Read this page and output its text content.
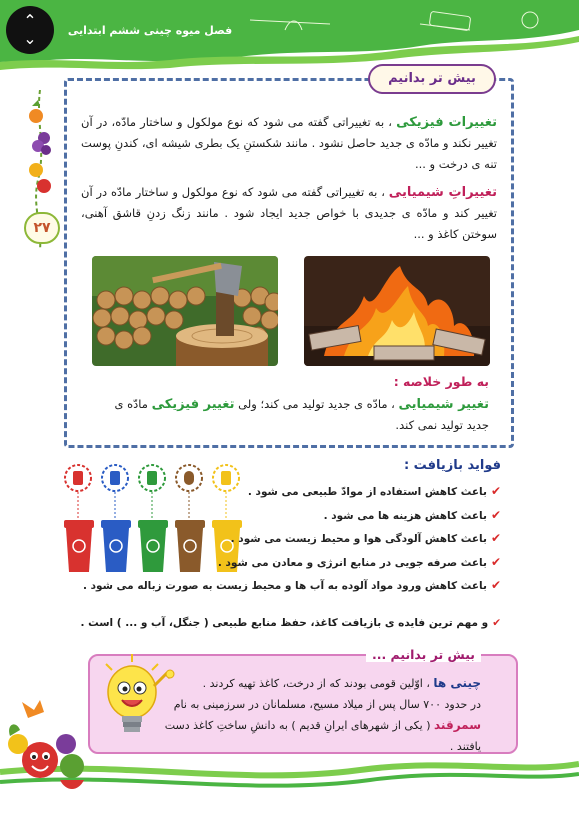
فصل میوه چینی ششم ابتدایی
⌃
⌄
۲۷
بیش تر بدانیم

تغییرات فیزیکی ، به تغییراتی گفته می شود که نوع مولکول و ساختار مادّه، در آن تغییر نکند و مادّه ی جدید حاصل نشود . مانند شکستنِ یک بطری شیشه ای، کندنِ پوست تنه ی درخت و ...

تغییراتِ شیمیایی ، به تغییراتی گفته می شود که نوع مولکول و ساختار مادّه در آن تغییر کند و مادّه ی جدیدی با خواص جدید ایجاد شود . مانند زنگ زدنِ قاشق آهنی، سوختن کاغذ و ...

به طور خلاصه :

تغییر شیمیایی ، مادّه ی جدید تولید می کند؛ ولی تغییر فیزیکی مادّه ی جدید تولید نمی کند.

فواید بازیافت :
✔باعث کاهش استفاده از موادّ طبیعی می شود .
✔باعث کاهش هزینه ها می شود .
✔باعث کاهش آلودگی هوا و محیط زیست می شود .
✔باعث صرفه جویی در منابع انرژی و معادن می شود .
✔باعث کاهش ورود مواد آلوده به آب ها و محیط زیست به صورت زباله می شود .
✔و مهم ترین فایده ی بازیافت کاغذ، حفظ منابع طبیعی ( جنگل، آب و ... ) است .
بیش تر بدانیم ...
چینی ها ، اوّلین قومی بودند که از درخت، کاغذ تهیه کردند .
در حدود ۷۰۰ سال پس از میلاد مسیح، مسلمانان در سرزمینی به نام
سمرقند ( یکی از شهرهای ایرانِ قدیم ) به دانشِ ساختِ کاغذ دست یافتند .
